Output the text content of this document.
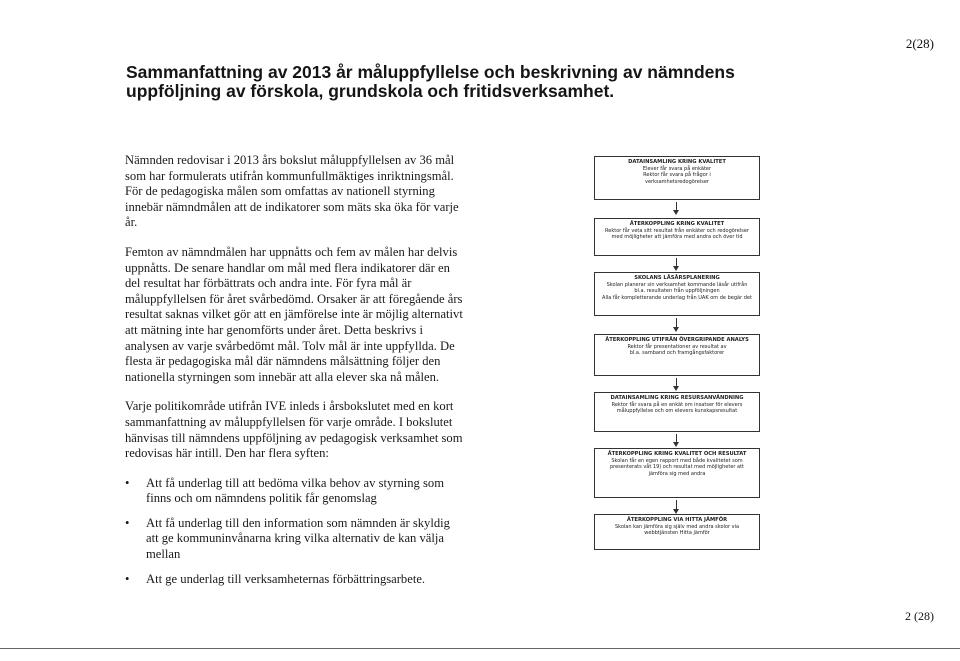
2(28)
Sammanfattning av 2013 år måluppfyllelse och beskrivning av nämndens uppföljning av förskola, grundskola och fritidsverksamhet.

Nämnden redovisar i 2013 års bokslut måluppfyllelsen av 36 mål som har formulerats utifrån kommunfullmäktiges inriktningsmål. För de pedagogiska målen som omfattas av nationell styrning innebär nämndmålen att de indikatorer som mäts ska öka för varje år.

Femton av nämndmålen har uppnåtts och fem av målen har delvis uppnåtts. De senare handlar om mål med flera indikatorer där en del resultat har förbättrats och andra inte. För fyra mål är måluppfyllelsen för året svårbedömd. Orsaker är att föregående års resultat saknas vilket gör att en jämförelse inte är möjlig alternativt att mätning inte har genomförts under året. Detta beskrivs i analysen av varje svårbedömt mål. Tolv mål är inte uppfyllda. De flesta är pedagogiska mål där nämndens målsättning följer den nationella styrningen som innebär att alla elever ska nå målen.

Varje politikområde utifrån IVE inleds i årsbokslutet med en kort sammanfattning av måluppfyllelsen för varje område. I bokslutet hänvisas till nämndens uppföljning av pedagogisk verksamhet som redovisas här intill. Den har flera syften:

• Att få underlag till att bedöma vilka behov av styrning som finns och om nämndens politik får genomslag
• Att få underlag till den information som nämnden är skyldig att ge kommuninvånarna kring vilka alternativ de kan välja mellan
• Att ge underlag till verksamheternas förbättringsarbete.
DATAINSAMLING KRING KVALITET
Elever får svara på enkäter
Rektor får svara på frågor i
verksamhetsredogörelser
ÅTERKOPPLING KRING KVALITET
Rektor får veta sitt resultat från enkäter och redogörelser
med möjligheter att jämföra med andra och över tid
SKOLANS LÅSÅRSPLANERING
Skolan planerar sin verksamhet kommande läsår utifrån
bl.a. resultaten från uppföljningen
Alla får kompletterande underlag från UAK om de begär det
ÅTERKOPPLING UTIFRÅN ÖVERGRIPANDE ANALYS
Rektor får presentationer av resultat av
bl.a. samband och framgångsfaktorer
DATAINSAMLING KRING RESURSANVÄNDNING
Rektor får svara på en enkät om insatser för elevers
måluppfyllelse och om elevers kunskapsresultat
ÅTERKOPPLING KRING KVALITET OCH RESULTAT
Skolan får en egen rapport med både kvalitetet som
presenterats våt 19) och resultat med möjligheter att
jämföra sig med andra
ÅTERKOPPLING VIA HITTA JÄMFÖR
Skolan kan jämföra sig själv med andra skolor via
webbtjänsten Hitta jämför
2 (28)
